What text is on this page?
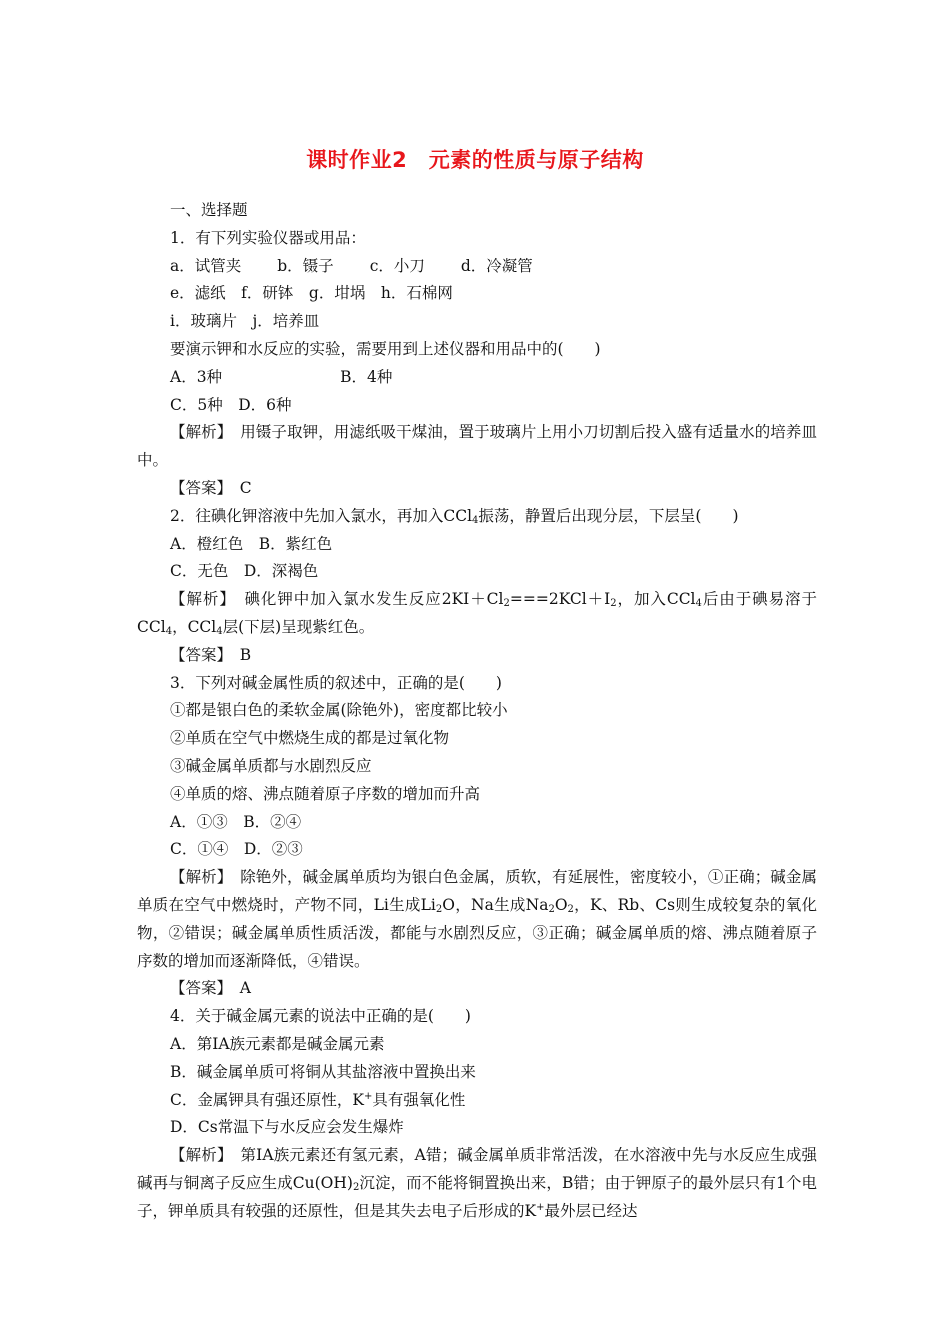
课时作业2　元素的性质与原子结构
一、选择题
1．有下列实验仪器或用品：
a．试管夹 b．镊子 c．小刀 d．冷凝管
e．滤纸　f．研钵　g．坩埚　h．石棉网
i．玻璃片　j．培养皿
要演示钾和水反应的实验，需要用到上述仪器和用品中的(　　)
A．3种	B．4种
C．5种　D．6种
【解析】　 用镊子取钾，用滤纸吸干煤油，置于玻璃片上用小刀切割后投入盛有适量水的培养皿中。
【答案】　 C
2．往碘化钾溶液中先加入氯水，再加入CCl$_4$振荡，静置后出现分层，下层呈(　　)
A．橙红色　B．紫红色
C．无色　D．深褐色
【解析】　 碘化钾中加入氯水发生反应$2KI+Cl_2===2KCl+I_2$，加入CCl$_4$后由于碘易溶于CCl$_4$，CCl$_4$层(下层)呈现紫红色。
【答案】　 B
3．下列对碱金属性质的叙述中，正确的是(　　)
①都是银白色的柔软金属(除铯外)，密度都比较小
②单质在空气中燃烧生成的都是过氧化物
③碱金属单质都与水剧烈反应
④单质的熔、沸点随着原子序数的增加而升高
A．①③　B．②④
C．①④　D．②③
【解析】　 除铯外，碱金属单质均为银白色金属，质软，有延展性，密度较小，①正确；碱金属单质在空气中燃烧时，产物不同，Li生成$Li_2O$，Na生成$Na_2O_2$，K、Rb、Cs则生成较复杂的氧化物，②错误；碱金属单质性质活泼，都能与水剧烈反应，③正确；碱金属单质的熔、沸点随着原子序数的增加而逐渐降低，④错误。
【答案】　 A
4．关于碱金属元素的说法中正确的是(　　)
A．第ⅠA族元素都是碱金属元素
B．碱金属单质可将铜从其盐溶液中置换出来
C．金属钾具有强还原性，K+具有强氧化性
D．Cs常温下与水反应会发生爆炸
【解析】　 第ⅠA族元素还有氢元素，A错；碱金属单质非常活泼，在水溶液中先与水反应生成强碱再与铜离子反应生成$Cu(OH)_2$沉淀，而不能将铜置换出来，B错；由于钾原子的最外层只有1个电子，钾单质具有较强的还原性，但是其失去电子后形成的K+最外层已经达
